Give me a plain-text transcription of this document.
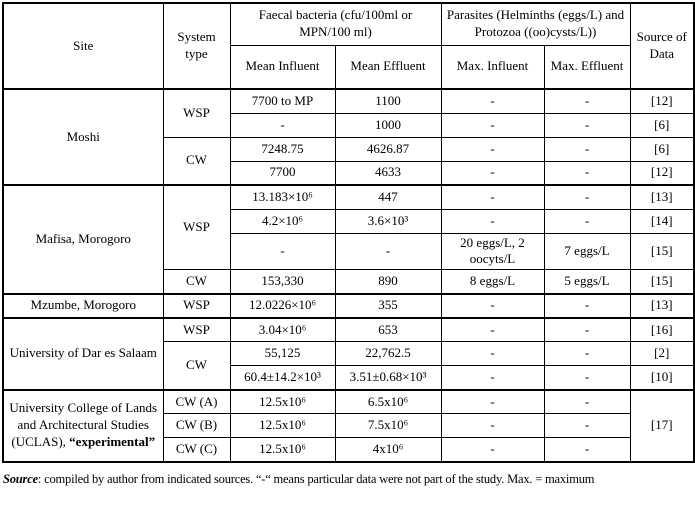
Site	System type	Faecal bacteria (cfu/100ml or MPN/100 ml)		Parasites (Helminths (eggs/L) and Protozoa ((oo)cysts/L))		Source of Data
		Mean Influent	Mean Effluent	Max. Influent	Max. Effluent	
Moshi	WSP	7700 to MP	1100	-	-	[12]
		-	1000	-	-	[6]
	CW	7248.75	4626.87	-	-	[6]
		7700	4633	-	-	[12]
Mafisa, Morogoro	WSP	13.183×10⁶	447	-	-	[13]
		4.2×10⁶	3.6×10³	-	-	[14]
		-	-	20 eggs/L, 2 oocyts/L	7 eggs/L	[15]
	CW	153,330	890	8 eggs/L	5 eggs/L	[15]
Mzumbe, Morogoro	WSP	12.0226×10⁶	355	-	-	[13]
University of Dar es Salaam	WSP	3.04×10⁶	653	-	-	[16]
	CW	55,125	22,762.5	-	-	[2]
		60.4±14.2×10³	3.51±0.68×10³	-	-	[10]
University College of Lands and Architectural Studies (UCLAS), “experimental”	CW (A)	12.5x10⁶	6.5x10⁶	-	-	[17]
	CW (B)	12.5x10⁶	7.5x10⁶	-	-	
	CW (C)	12.5x10⁶	4x10⁶	-	-	

Source: compiled by author from indicated sources. “-“ means particular data were not part of the study. Max. = maximum
